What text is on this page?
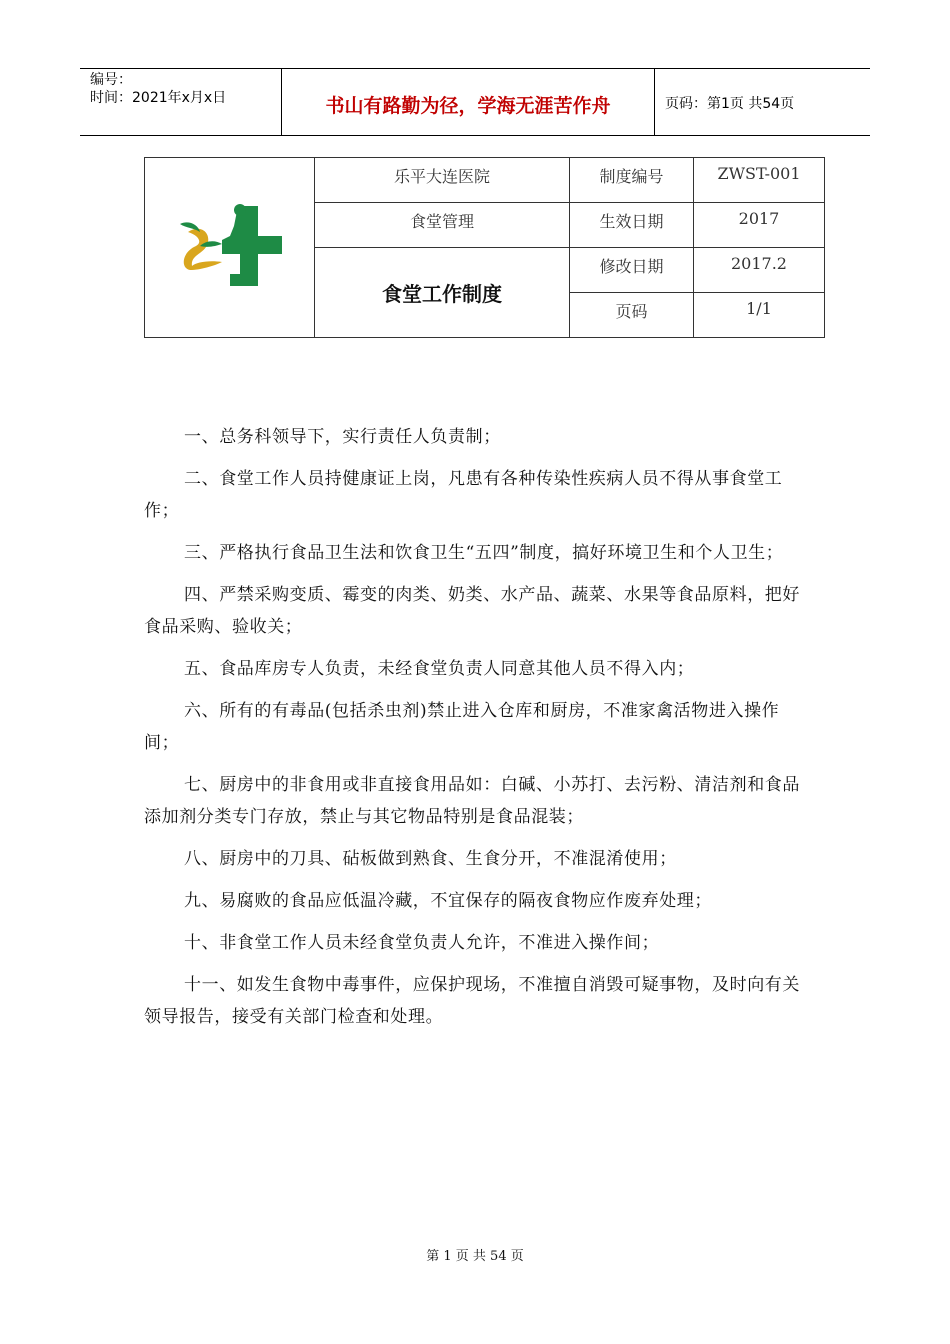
编号：
时间：2021年x月x日	书山有路勤为径，学海无涯苦作舟	页码：第1页 共54页
	乐平大连医院	制度编号	ZWST-001
	食堂管理	生效日期	2017
	食堂工作制度	修改日期	2017.2
		页码	1/1

一、总务科领导下，实行责任人负责制；

二、食堂工作人员持健康证上岗，凡患有各种传染性疾病人员不得从事食堂工作；

三、严格执行食品卫生法和饮食卫生“五四”制度，搞好环境卫生和个人卫生；

四、严禁采购变质、霉变的肉类、奶类、水产品、蔬菜、水果等食品原料，把好食品采购、验收关；

五、食品库房专人负责，未经食堂负责人同意其他人员不得入内；

六、所有的有毒品(包括杀虫剂)禁止进入仓库和厨房，不准家禽活物进入操作间；

七、厨房中的非食用或非直接食用品如：白碱、小苏打、去污粉、清洁剂和食品添加剂分类专门存放，禁止与其它物品特别是食品混装；

八、厨房中的刀具、砧板做到熟食、生食分开，不准混淆使用；

九、易腐败的食品应低温冷藏，不宜保存的隔夜食物应作废弃处理；

十、非食堂工作人员未经食堂负责人允许，不准进入操作间；

十一、如发生食物中毒事件，应保护现场，不准擅自消毁可疑事物，及时向有关领导报告，接受有关部门检查和处理。

第 1 页 共 54 页
